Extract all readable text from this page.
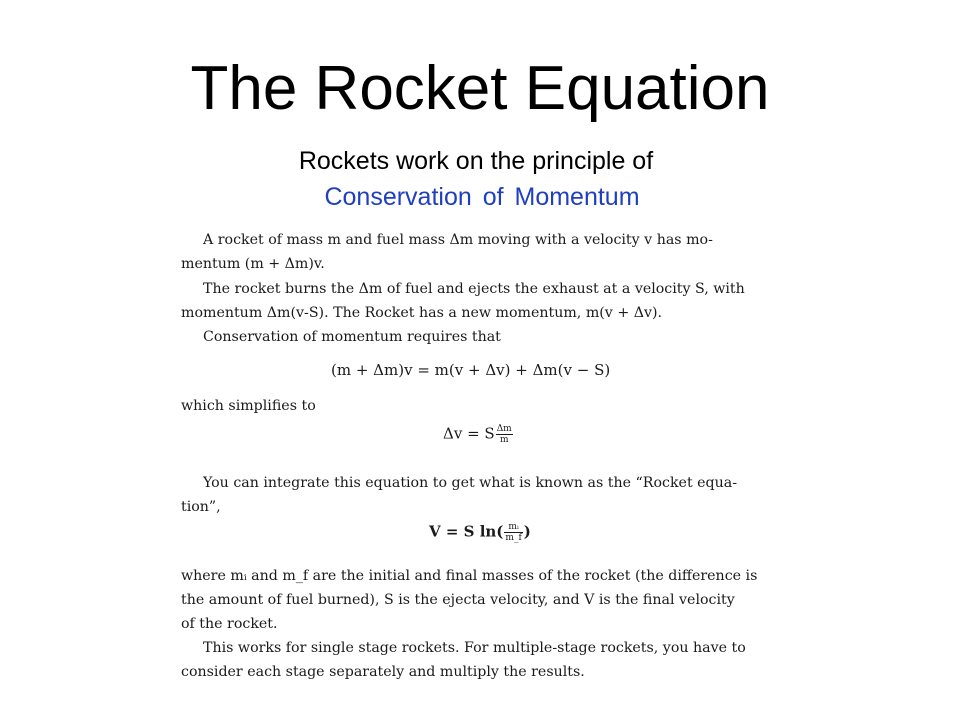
The Rocket Equation
Rockets work on the principle of
Conservation of Momentum
A rocket of mass m and fuel mass Δm moving with a velocity v has mo-
mentum (m + Δm)v.
The rocket burns the Δm of fuel and ejects the exhaust at a velocity S, with
momentum Δm(v-S). The Rocket has a new momentum, m(v + Δv).
Conservation of momentum requires that
(m + Δm)v = m(v + Δv) + Δm(v − S)
which simplifies to
Δv = S $\frac{\Delta m}{m}$
You can integrate this equation to get what is known as the “Rocket equa-
tion”,
V = S $\ln( \frac{\text{mᵢ}}{m\_f}$ )
where mᵢ and m_f are the initial and final masses of the rocket (the difference is
the amount of fuel burned), S is the ejecta velocity, and V is the final velocity
of the rocket.
This works for single stage rockets. For multiple-stage rockets, you have to
consider each stage separately and multiply the results.
